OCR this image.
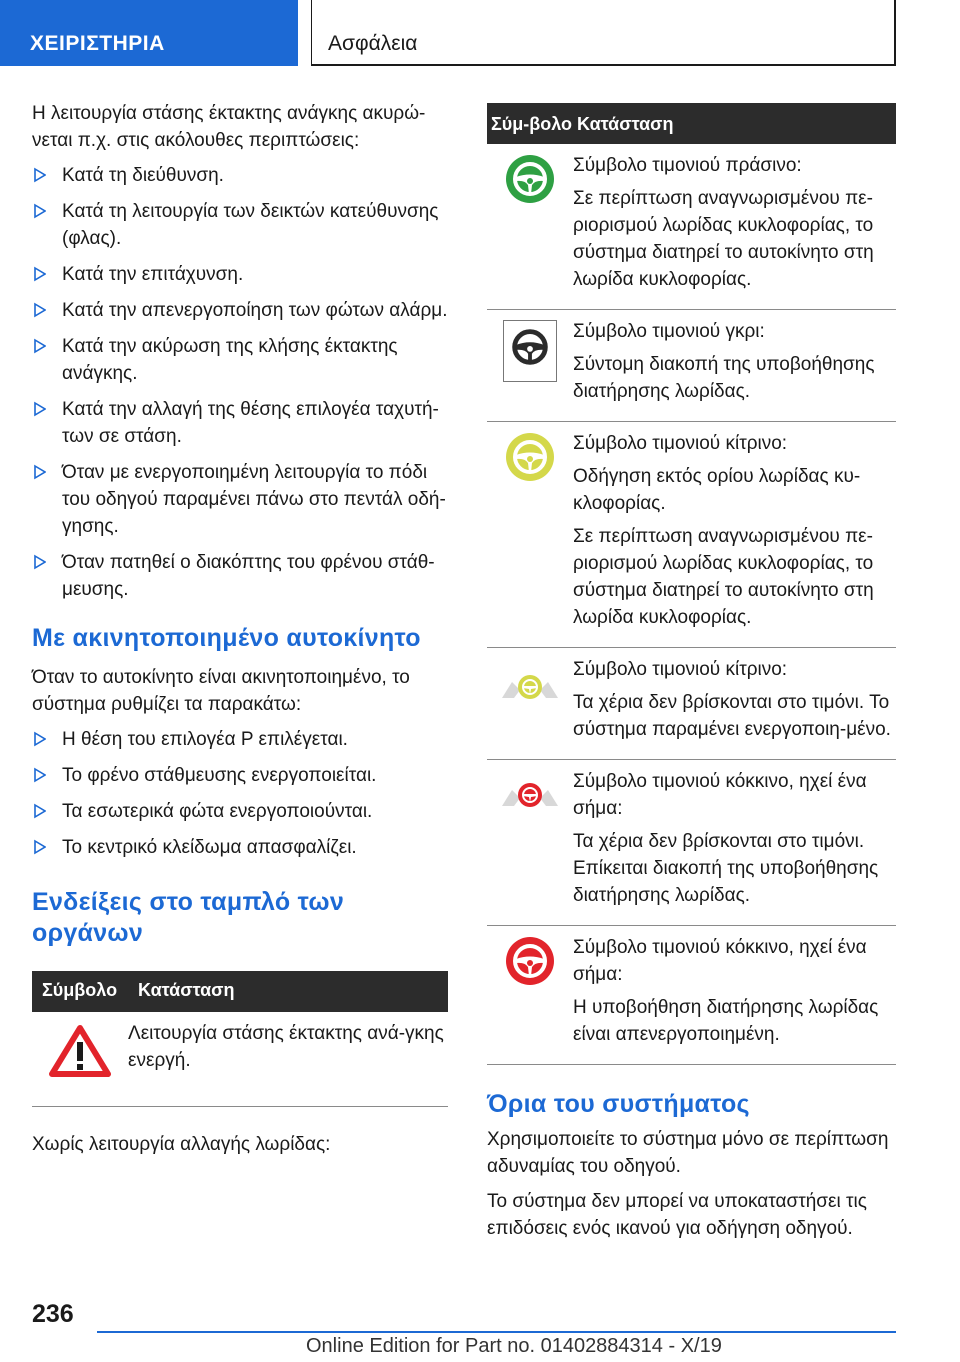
ΧΕΙΡΙΣΤΗΡΙΑ	Ασφάλεια

Η λειτουργία στάσης έκτακτης ανάγκης ακυρώ-νεται π.χ. στις ακόλουθες περιπτώσεις:

Κατά τη διεύθυνση.
Κατά τη λειτουργία των δεικτών κατεύθυνσης (φλας).
Κατά την επιτάχυνση.
Κατά την απενεργοποίηση των φώτων αλάρμ.
Κατά την ακύρωση της κλήσης έκτακτης ανάγκης.
Κατά την αλλαγή της θέσης επιλογέα ταχυτή-των σε στάση.
Όταν με ενεργοποιημένη λειτουργία το πόδι του οδηγού παραμένει πάνω στο πεντάλ οδή-γησης.
Όταν πατηθεί ο διακόπτης του φρένου στάθ-μευσης.
Με ακινητοποιημένο αυτοκίνητο

Όταν το αυτοκίνητο είναι ακινητοποιημένο, το σύστημα ρυθμίζει τα παρακάτω:

Η θέση του επιλογέα P επιλέγεται.
Το φρένο στάθμευσης ενεργοποιείται.
Τα εσωτερικά φώτα ενεργοποιούνται.
Το κεντρικό κλείδωμα απασφαλίζει.
Ενδείξεις στο ταμπλό των οργάνων
Σύμβολο	Κατάσταση

Λειτουργία στάσης έκτακτης ανά-γκης ενεργή.

Χωρίς λειτουργία αλλαγής λωρίδας:

Σύμ-βολο	Κατάσταση

Σύμβολο τιμονιού πράσινο:

Σε περίπτωση αναγνωρισμένου πε-ριορισμού λωρίδας κυκλοφορίας, το σύστημα διατηρεί το αυτοκίνητο στη λωρίδα κυκλοφορίας.

Σύμβολο τιμονιού γκρι:

Σύντομη διακοπή της υποβοήθησης διατήρησης λωρίδας.

Σύμβολο τιμονιού κίτρινο:

Οδήγηση εκτός ορίου λωρίδας κυ-κλοφορίας.

Σε περίπτωση αναγνωρισμένου πε-ριορισμού λωρίδας κυκλοφορίας, το σύστημα διατηρεί το αυτοκίνητο στη λωρίδα κυκλοφορίας.

Σύμβολο τιμονιού κίτρινο:

Τα χέρια δεν βρίσκονται στο τιμόνι. Το σύστημα παραμένει ενεργοποιη-μένο.

Σύμβολο τιμονιού κόκκινο, ηχεί ένα σήμα:

Τα χέρια δεν βρίσκονται στο τιμόνι. Επίκειται διακοπή της υποβοήθησης διατήρησης λωρίδας.

Σύμβολο τιμονιού κόκκινο, ηχεί ένα σήμα:

Η υποβοήθηση διατήρησης λωρίδας είναι απενεργοποιημένη.

Όρια του συστήματος

Χρησιμοποιείτε το σύστημα μόνο σε περίπτωση αδυναμίας του οδηγού.

Το σύστημα δεν μπορεί να υποκαταστήσει τις επιδόσεις ενός ικανού για οδήγηση οδηγού.

236
Online Edition for Part no. 01402884314 - X/19
